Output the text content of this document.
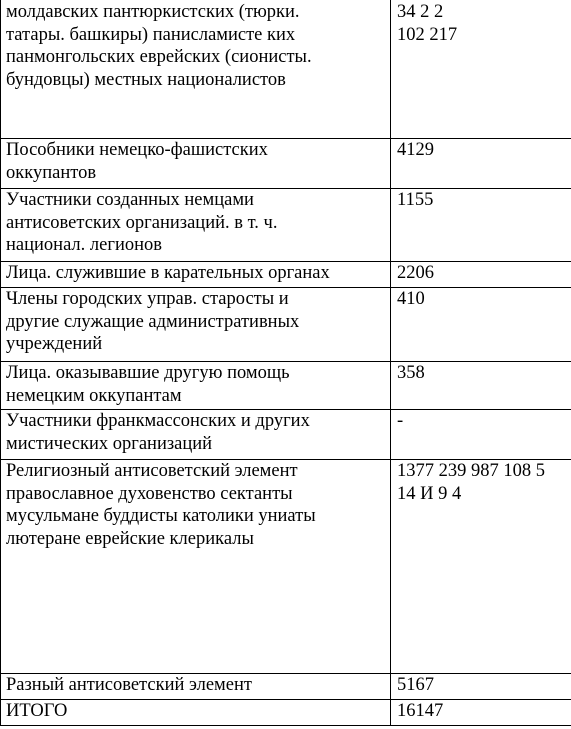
молдавских пантюркистских (тюрки.
татары. башкиры) панисламисте ких
панмонгольских еврейских (сионисты.
бундовцы) местных националистов	34 2 2
102 217

Пособники немецко-фашистских
оккупантов	4129

Участники созданных немцами
антисоветских организаций. в т. ч.
национал. легионов	1155

Лица. служившие в карательных органах	2206

Члены городских управ. старосты и
другие служащие административных
учреждений	410

Лица. оказывавшие другую помощь
немецким оккупантам	358

Участники франкмассонских и других
мистических организаций	-

Религиозный антисоветский элемент
православное духовенство сектанты
мусульмане буддисты католики униаты
лютеране еврейские клерикалы	1377 239 987 108 5
14 И 9 4

Разный антисоветский элемент	5167

ИТОГО	16147
